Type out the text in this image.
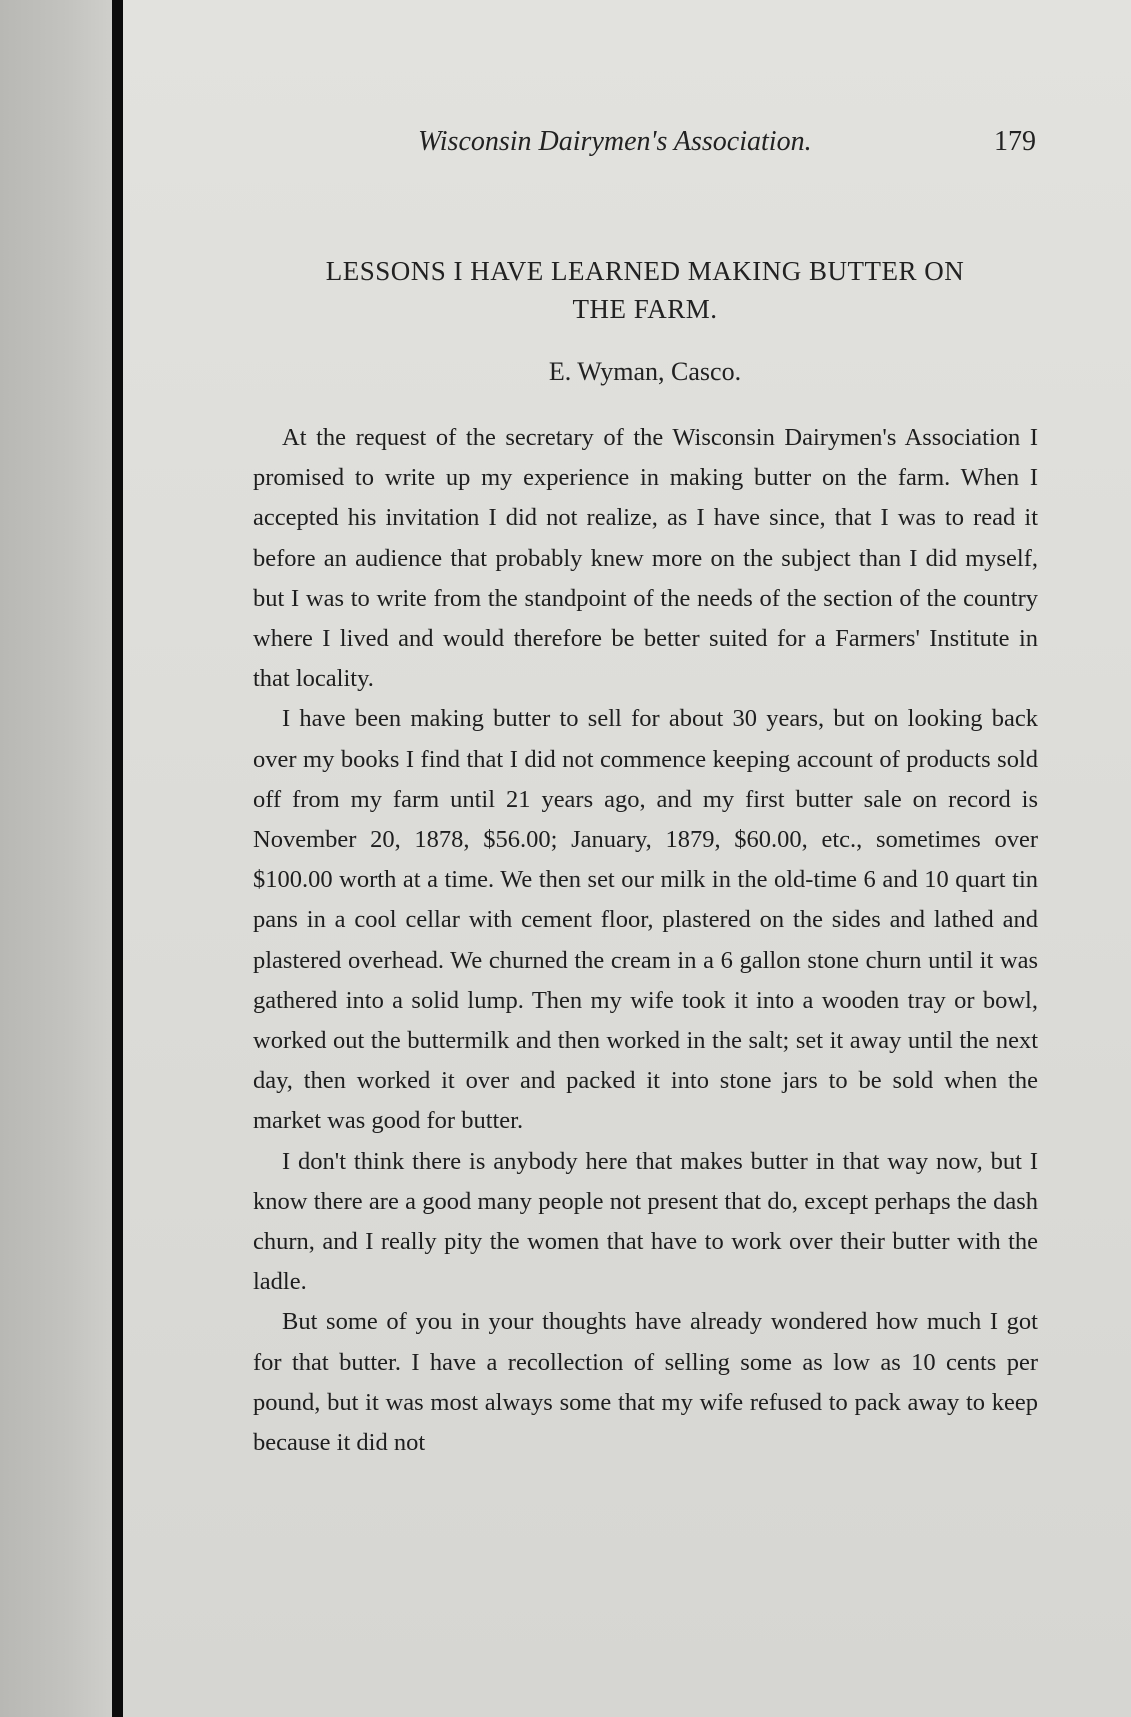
Wisconsin Dairymen's Association.	179
LESSONS I HAVE LEARNED MAKING BUTTER ON
THE FARM.
E. Wyman, Casco.

At the request of the secretary of the Wisconsin Dairymen's Association I promised to write up my experience in making butter on the farm. When I accepted his invitation I did not realize, as I have since, that I was to read it before an audience that probably knew more on the subject than I did myself, but I was to write from the standpoint of the needs of the section of the country where I lived and would therefore be better suited for a Farmers' Institute in that locality.

I have been making butter to sell for about 30 years, but on looking back over my books I find that I did not commence keeping account of products sold off from my farm until 21 years ago, and my first butter sale on record is November 20, 1878, $56.00; January, 1879, $60.00, etc., sometimes over $100.00 worth at a time. We then set our milk in the old-time 6 and 10 quart tin pans in a cool cellar with cement floor, plastered on the sides and lathed and plastered overhead. We churned the cream in a 6 gallon stone churn until it was gathered into a solid lump. Then my wife took it into a wooden tray or bowl, worked out the buttermilk and then worked in the salt; set it away until the next day, then worked it over and packed it into stone jars to be sold when the market was good for butter.

I don't think there is anybody here that makes butter in that way now, but I know there are a good many people not present that do, except perhaps the dash churn, and I really pity the women that have to work over their butter with the ladle.

But some of you in your thoughts have already wondered how much I got for that butter. I have a recollection of selling some as low as 10 cents per pound, but it was most always some that my wife refused to pack away to keep because it did not
